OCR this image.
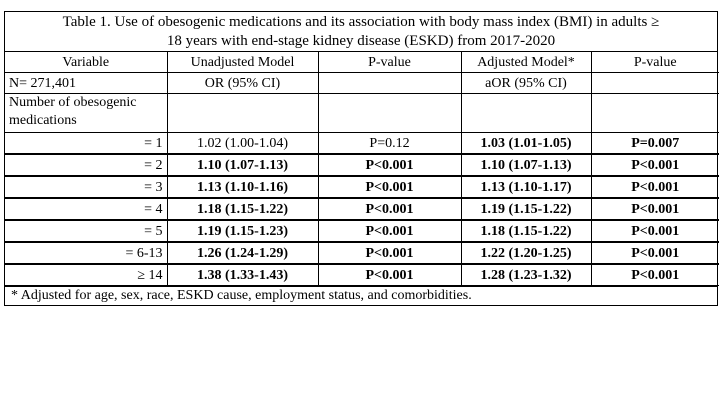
Table 1. Use of obesogenic medications and its association with body mass index (BMI) in adults ≥
18 years with end-stage kidney disease (ESKD) from 2017-2020
Variable	Unadjusted Model	P-value	Adjusted Model*	P-value
N= 271,401	OR (95% CI)		aOR (95% CI)	
Number of obesogenic medications				
= 1	1.02 (1.00-1.04)	P=0.12	1.03 (1.01-1.05)	P=0.007
= 2	1.10 (1.07-1.13)	P<0.001	1.10 (1.07-1.13)	P<0.001
= 3	1.13 (1.10-1.16)	P<0.001	1.13 (1.10-1.17)	P<0.001
= 4	1.18 (1.15-1.22)	P<0.001	1.19 (1.15-1.22)	P<0.001
= 5	1.19 (1.15-1.23)	P<0.001	1.18 (1.15-1.22)	P<0.001
= 6-13	1.26 (1.24-1.29)	P<0.001	1.22 (1.20-1.25)	P<0.001
≥ 14	1.38 (1.33-1.43)	P<0.001	1.28 (1.23-1.32)	P<0.001
* Adjusted for age, sex, race, ESKD cause, employment status, and comorbidities.
